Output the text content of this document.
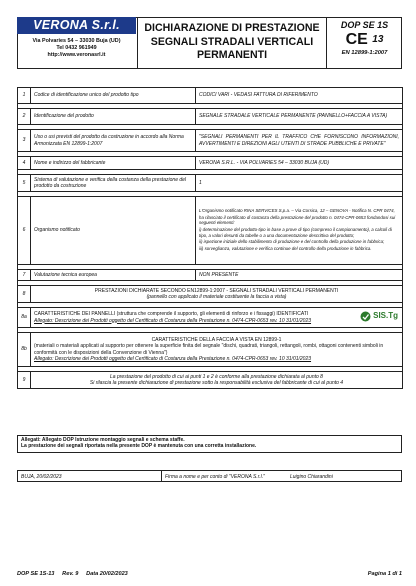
VERONA S.r.l.
Via Polvaries 54 – 33030 Buja (UD)
Tel 0432 961949
http://www.veronasrl.it
DICHIARAZIONE DI PRESTAZIONE
SEGNALI STRADALI VERTICALI
PERMANENTI
DOP SE 1S
CE $^{13}$
EN 12899-1:2007
1	Codice di identificazione unico del prodotto tipo	CODICI VARI - VEDASI FATTURA DI RIFERIMENTO

2	Identificazione del prodotto	SEGNALE STRADALE VERTICALE PERMANENTE (PANNELLO+FACCIA A VISTA)

3	Uso o usi previsti del prodotto da costruzione in accordo alla Norma Armonizzata EN 12899-1:2007	"SEGNALI PERMANENTI PER IL TRAFFICO CHE FORNISCONO INFORMAZIONI, AVVERTIMENTI E DIREZIONI AGLI UTENTI DI STRADE PUBBLICHE E PRIVATE"

4	Nome e indirizzo del fabbricante	VERONA S.R.L. - VIA POLVARIES 54 – 33030 BUJA (UD)

5	Sistema di valutazione e verifica della costanza della prestazione del prodotto da costruzione	1

6	Organismo notificato	L'Organismo notificato RINA SERVICES S.p.a. – Via Corsica, 12 – GENOVA - Notifica N. CPR 0474,
ha rilasciato il certificato di costanza della prestazione del prodotto n. 0474-CPR-0653 fondandosi sui seguenti elementi:
i) determinazione del prodotto-tipo in base a prove di tipo (compreso il campionamento), a calcoli di tipo, a valori desunti da tabelle o a una documentazione descrittiva del prodotto;
ii) ispezione iniziale dello stabilimento di produzione e del controllo della produzione in fabbrica;
iii) sorveglianza, valutazione e verifica continue del controllo della produzione in fabbrica.

7	Valutazione tecnica europea	NON PRESENTE

8	PRESTAZIONI DICHIARATE SECONDO EN12899-1:2007 - SEGNALI STRADALI VERTICALI PERMANENTI
(pannello con applicato il materiale costituente la faccia a vista)	

8a	CARATTERISTICHE DEI PANNELLI (struttura che comprende il supporto, gli elementi di rinforzo e i fissaggi) IDENTIFICATI
Allegato: Descrizione dei Prodotti oggetto del Certificato di Costanza della Prestazione n. 0474-CPR-0653 rev. 10 31/01/2023
SIS.Tg	

8b	CARATTERISTICHE DELLA FACCIA A VISTA EN 12899-1
(materiali o materiali applicati al supporto per ottenere la superficie finita del segnale "dischi, quadrati, triangoli, rettangoli, rombi, ottagoni contenenti simboli in conformità con le disposizioni della Convenzione di Vienna")
Allegato: Descrizione dei Prodotti oggetto del Certificato di Costanza della Prestazione n. 0474-CPR-0653 rev. 10 31/01/2023	

9	La prestazione del prodotto di cui ai punti 1 e 2 è conforme alla prestazione dichiarata al punto 8
Si rilascia la presente dichiarazione di prestazione sotto la responsabilità esclusiva del fabbricante di cui al punto 4	
Allegati: Allegato DOP Istruzione montaggio segnali e schema staffe.
La prestazione dei segnali riportata nella presente DOP è mantenuta con una corretta installazione.
BUJA, 20/02/2023	Firma a nome e per conto di "VERONA S.r.l."	Luigino Chiarandini
DOP SE 1S-13     Rev. 9     Data 20/02/2023	Pagina 1 di 1
